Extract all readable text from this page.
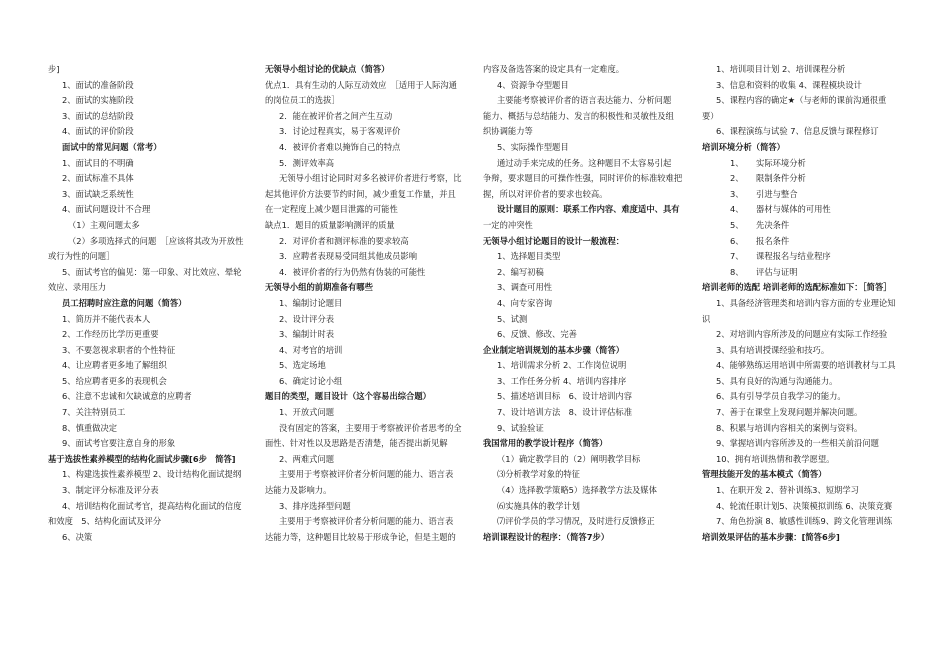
步]
1、面试的准备阶段
2、面试的实施阶段
3、面试的总结阶段
4、面试的评价阶段
面试中的常见问题（常考）
1、面试目的不明确
2、面试标准不具体
3、面试缺乏系统性
4、面试问题设计不合理
（1）主观问题太多
（2）多项选择式的问题　［应该将其改为开放性
或行为性的问题］
5、面试考官的偏见：第一印象、对比效应、晕轮
效应、录用压力
员工招聘时应注意的问题（简答）
1、简历并不能代表本人
2、工作经历比学历更重要
3、不要忽视求职者的个性特征
4、让应聘者更多地了解组织
5、给应聘者更多的表现机会
6、注意不忠诚和欠缺诚意的应聘者
7、关注特别员工
8、慎重做决定
9、面试考官要注意自身的形象
基于选拔性素养模型的结构化面试步骤[6步　简答]
1、构建选拔性素养模型 2、设计结构化面试提纲
3、制定评分标准及评分表
4、培训结构化面试考官，提高结构化面试的信度
和效度　5、结构化面试及评分
6、决策
无领导小组讨论的优缺点（简答）
优点1．具有生动的人际互动效应　［适用于人际沟通
的岗位员工的选拔］
2．能在被评价者之间产生互动
3．讨论过程真实，易于客观评价
4．被评价者难以掩饰自己的特点
5．测评效率高
无领导小组讨论同时对多名被评价者进行考察，比
起其他评价方法要节约时间，减少重复工作量，并且
在一定程度上减少题目泄露的可能性
缺点1．题目的质量影响测评的质量
2．对评价者和测评标准的要求较高
3．应聘者表现易受同组其他成员影响
4．被评价者的行为仍然有伪装的可能性
无领导小组的前期准备有哪些
1、编制讨论题目
2、设计评分表
3、编制计时表
4、对考官的培训
5、选定场地
6、确定讨论小组
题目的类型，题目设计（这个容易出综合题）
1、开放式问题
没有固定的答案，主要用于考察被评价者思考的全
面性、针对性以及思路是否清楚，能否提出新见解
2、两难式问题
主要用于考察被评价者分析问题的能力、语言表
达能力及影响力。
3、排序选择型问题
主要用于考察被评价者分析问题的能力、语言表
达能力等，这种题目比较易于形成争论，但是主题的
内容及备选答案的设定具有一定难度。
4、资源争夺型题目
主要能考察被评价者的语言表达能力、分析问题
能力、概括与总结能力、发言的积极性和灵敏性及组
织协调能力等
5、实际操作型题目
通过动手来完成的任务。这种题目不太容易引起
争辩，要求题目的可操作性强，同时评价的标准较难把
握，所以对评价者的要求也较高。
设计题目的原则：联系工作内容、难度适中、具有
一定的冲突性
无领导小组讨论题目的设计一般流程：
1、选择题目类型
2、编写初稿
3、调查可用性
4、向专家咨询
5、试测
6、反馈、修改、完善
企业制定培训规划的基本步骤（简答）
1、培训需求分析 2、工作岗位说明
3、工作任务分析 4、培训内容排序
5、描述培训目标　6、设计培训内容
7、设计培训方法　8、设计评估标准
9、试验验证
我国常用的教学设计程序（简答）
（1）确定教学目的（2）阐明教学目标
⑶分析教学对象的特征
（4）选择教学策略5）选择教学方法及媒体
⑹实施具体的教学计划
⑺评价学员的学习情况，及时进行反馈修正
培训课程设计的程序：（简答7步）
1、培训项目计划 2、培训课程分析
3、信息和资料的收集 4、课程模块设计
5、课程内容的确定★（与老师的课前沟通很重
要）
6、课程演练与试验 7、信息反馈与课程修订
培训环境分析（简答）
1、　　实际环境分析
2、　　限制条件分析
3、　　引进与整合
4、　　器材与媒体的可用性
5、　　先决条件
6、　　报名条件
7、　　课程报名与结业程序
8、　　评估与证明
培训老师的选配 培训老师的选配标准如下：［简答］
1、具备经济管理类和培训内容方面的专业理论知
识
2、对培训内容所涉及的问题应有实际工作经验
3、具有培训授课经验和技巧。
4、能够熟练运用培训中所需要的培训教材与工具
5、具有良好的沟通与沟通能力。
6、具有引导学员自我学习的能力。
7、善于在课堂上发现问题并解决问题。
8、积累与培训内容相关的案例与资料。
9、掌握培训内容所涉及的一些相关前沿问题
10、拥有培训热情和教学愿望。
管理技能开发的基本模式（简答）
1、在职开发 2、替补训练3、短期学习
4、轮流任职计划5、决策模拟训练 6、决策竞赛
7、角色扮演 8、敏感性训练9、跨文化管理训练
培训效果评估的基本步骤：[简答6步]
